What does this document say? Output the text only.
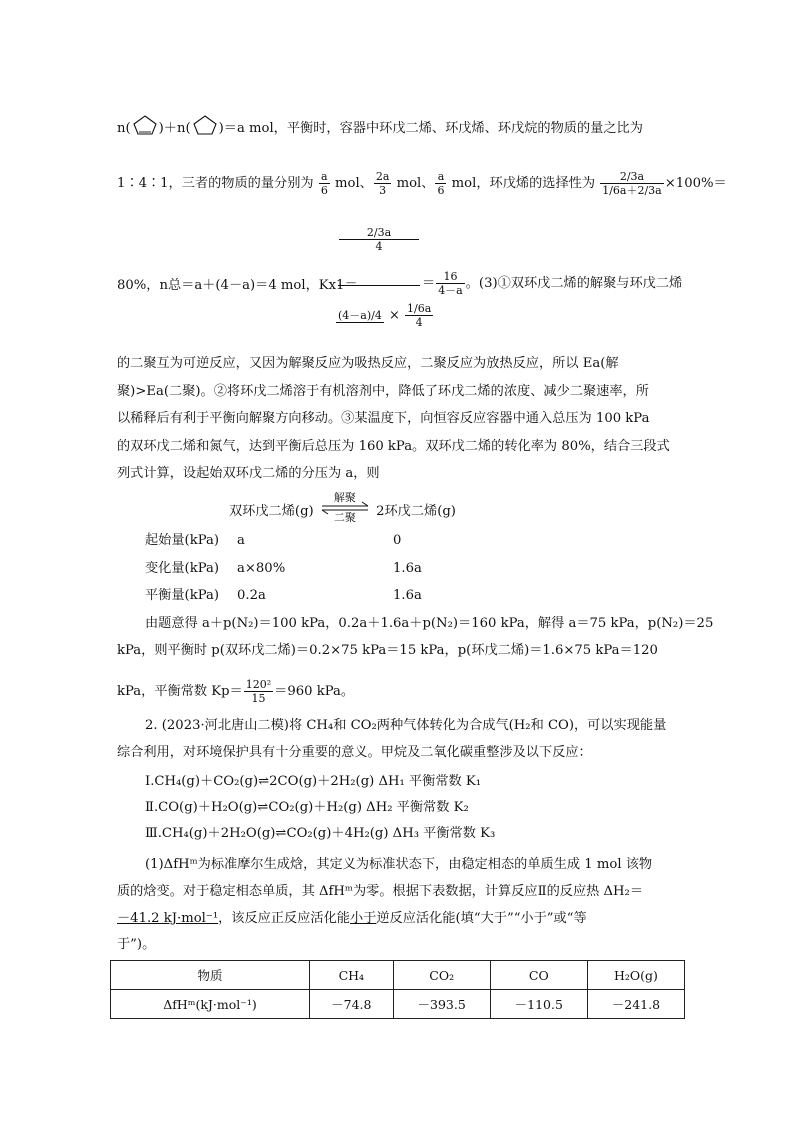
n( )＋n( )＝a mol，平衡时，容器中环戊二烯、环戊烯、环戊烷的物质的量之比为
1∶4∶1，三者的物质的量分别为 $\frac{a}{6}$ mol、 $\frac{2a}{3}$ mol、 $\frac{a}{6}$ mol，环戊烯的选择性为 $\frac{2/3a}{1/6a+2/3a} \times 100\%=$
80%，n总＝a＋(4－a)＝4 mol，Kx1＝
2/3a
4
$(4-a)/4 \times \frac{1/6a}{4}$
＝ $\frac{16}{4-a}$ 。(3)①双环戊二烯的解聚与环戊二烯
的二聚互为可逆反应，又因为解聚反应为吸热反应，二聚反应为放热反应，所以 Ea(解
聚)>Ea(二聚)。②将环戊二烯溶于有机溶剂中，降低了环戊二烯的浓度、减少二聚速率，所
以稀释后有利于平衡向解聚方向移动。③某温度下，向恒容反应容器中通入总压为 100 kPa
的双环戊二烯和氮气，达到平衡后总压为 160 kPa。双环戊二烯的转化率为 80%，结合三段式
列式计算，设起始双环戊二烯的分压为 a，则
双环戊二烯(g)
解聚
二聚	2环戊二烯(g)
起始量(kPa) a	0
变化量(kPa) a×80%	1.6a
平衡量(kPa) 0.2a	1.6a
由题意得 a＋p(N₂)＝100 kPa，0.2a＋1.6a＋p(N₂)＝160 kPa，解得 a＝75 kPa，p(N₂)＝25
kPa，则平衡时 p(双环戊二烯)＝0.2×75 kPa＝15 kPa，p(环戊二烯)＝1.6×75 kPa＝120
kPa，平衡常数 $Kp= \frac{\text{120²}}{15} =960$ kPa。
2. (2023·河北唐山二模)将 CH₄和 CO₂两种气体转化为合成气(H₂和 CO)，可以实现能量
综合利用，对环境保护具有十分重要的意义。甲烷及二氧化碳重整涉及以下反应：
Ⅰ.CH₄(g)＋CO₂(g)⇌2CO(g)＋2H₂(g) ΔH₁ 平衡常数 K₁
Ⅱ.CO(g)＋H₂O(g)⇌CO₂(g)＋H₂(g) ΔH₂ 平衡常数 K₂
Ⅲ.CH₄(g)＋2H₂O(g)⇌CO₂(g)＋4H₂(g) ΔH₃ 平衡常数 K₃
(1)ΔfHᵐ为标准摩尔生成焓，其定义为标准状态下，由稳定相态的单质生成 1 mol 该物
质的焓变。对于稳定相态单质，其 ΔfHᵐ为零。根据下表数据，计算反应Ⅱ的反应热 ΔH₂＝
－41.2 kJ·mol⁻¹，该反应正反应活化能小于逆反应活化能(填“大于”“小于”或“等
于”)。
物质	CH₄	CO₂	CO	H₂O(g)
ΔfHᵐ(kJ·mol⁻¹)	－74.8	－393.5	－110.5	－241.8
